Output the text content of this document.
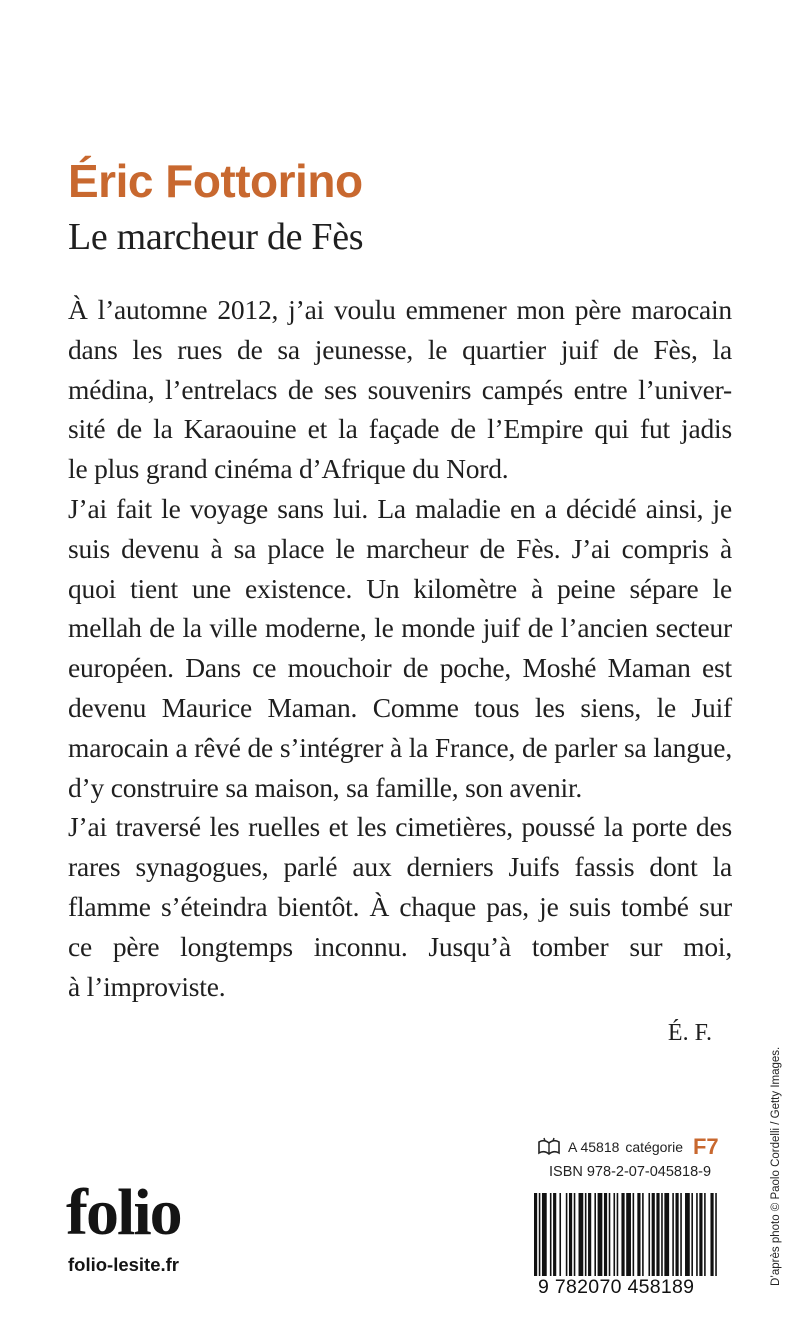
Éric Fottorino
Le marcheur de Fès

À l’automne 2012, j’ai voulu emmener mon père marocain
dans les rues de sa jeunesse, le quartier juif de Fès, la
médina, l’entrelacs de ses souvenirs campés entre l’univer-
sité de la Karaouine et la façade de l’Empire qui fut jadis
le plus grand cinéma d’Afrique du Nord.

J’ai fait le voyage sans lui. La maladie en a décidé ainsi, je
suis devenu à sa place le marcheur de Fès. J’ai compris à
quoi tient une existence. Un kilomètre à peine sépare le
mellah de la ville moderne, le monde juif de l’ancien secteur
européen. Dans ce mouchoir de poche, Moshé Maman est
devenu Maurice Maman. Comme tous les siens, le Juif
marocain a rêvé de s’intégrer à la France, de parler sa langue,
d’y construire sa maison, sa famille, son avenir.

J’ai traversé les ruelles et les cimetières, poussé la porte des
rares synagogues, parlé aux derniers Juifs fassis dont la
flamme s’éteindra bientôt. À chaque pas, je suis tombé sur
ce père longtemps inconnu. Jusqu’à tomber sur moi,
à l’improviste.

É. F.
D’après photo © Paolo Cordelli / Getty Images.
A 45818 catégorie F7
ISBN 978-2-07-045818-9
9 782070 458189
folio
folio-lesite.fr
